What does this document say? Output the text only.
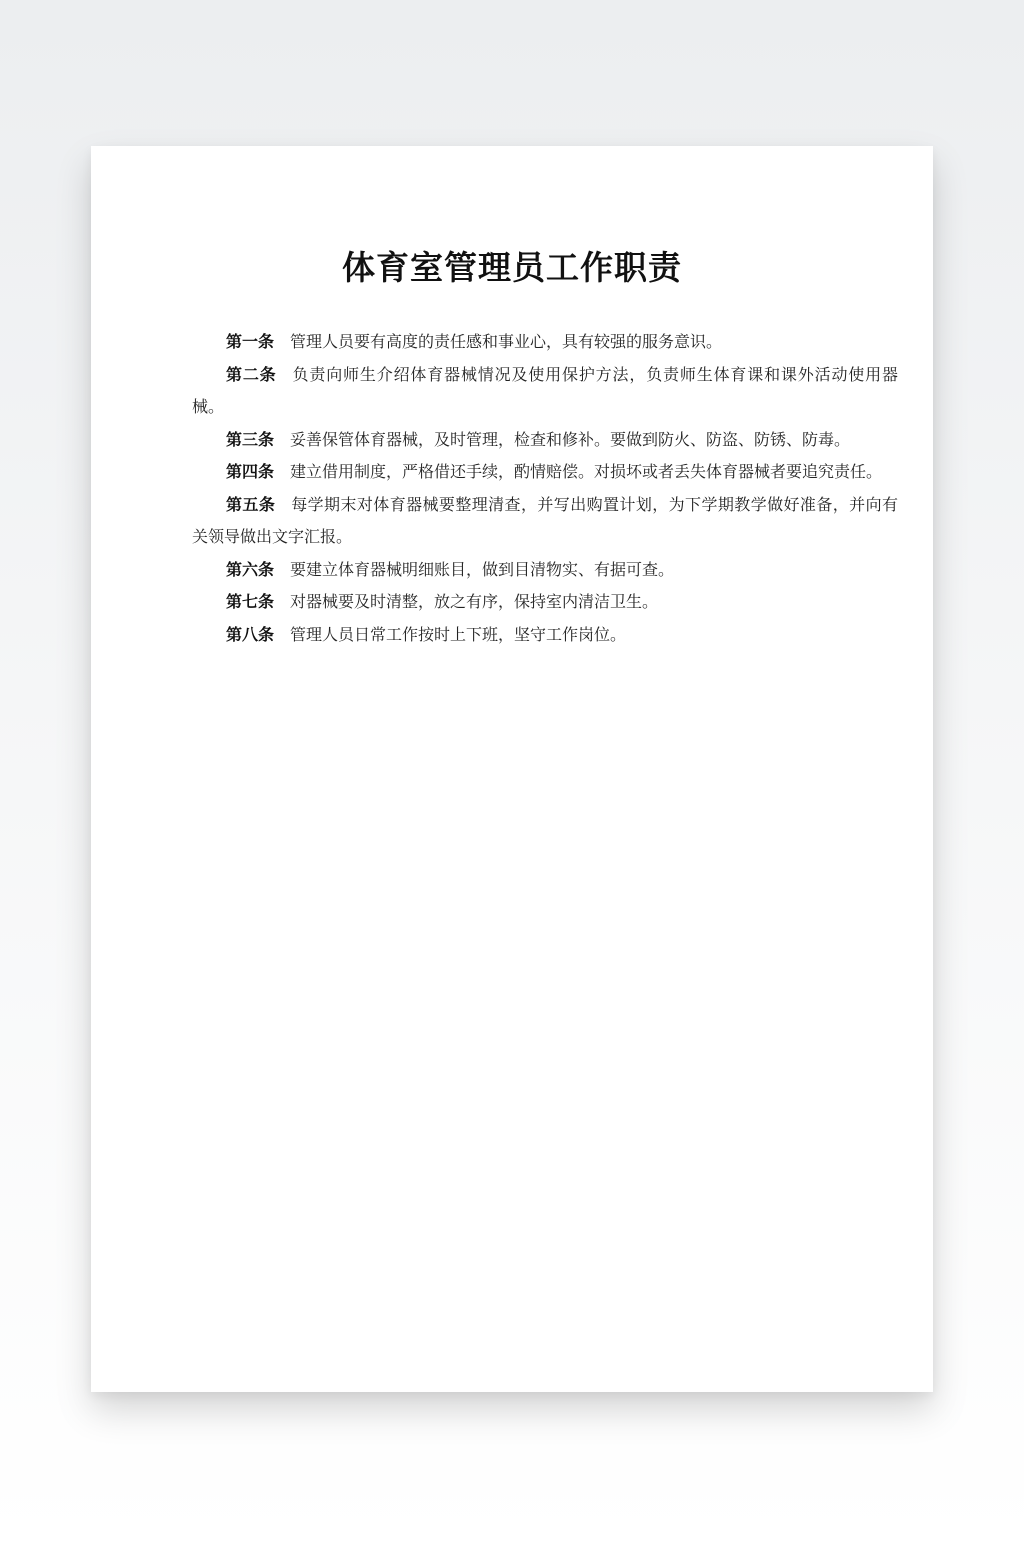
体育室管理员工作职责

第一条 管理人员要有高度的责任感和事业心，具有较强的服务意识。

第二条 负责向师生介绍体育器械情况及使用保护方法，负责师生体育课和课外活动使用器械。

第三条 妥善保管体育器械，及时管理，检查和修补。要做到防火、防盗、防锈、防毒。

第四条 建立借用制度，严格借还手续，酌情赔偿。对损坏或者丢失体育器械者要追究责任。

第五条 每学期末对体育器械要整理清查，并写出购置计划，为下学期教学做好准备，并向有关领导做出文字汇报。

第六条 要建立体育器械明细账目，做到目清物实、有据可查。

第七条 对器械要及时清整，放之有序，保持室内清洁卫生。

第八条 管理人员日常工作按时上下班，坚守工作岗位。
